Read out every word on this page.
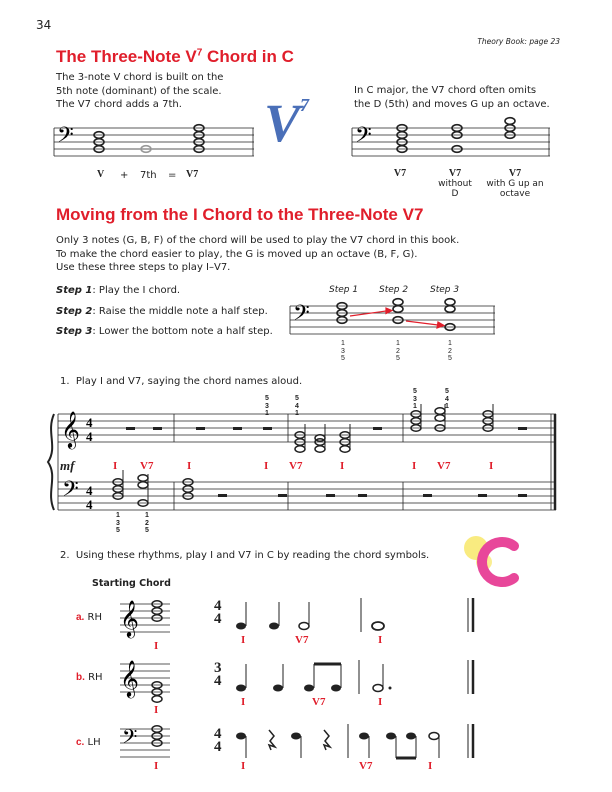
34
Theory Book: page 23
The Three-Note $V^7$ Chord in C
The 3-note V chord is built on the
5th note (dominant) of the scale.
The V7 chord adds a 7th.
In C major, the V7 chord often omits
the D (5th) and moves G up an octave.
$V^7$
𝄢
V + 7th = V7
𝄢
V7	V7
without D
V7
with G up an octave
Moving from the I Chord to the Three-Note V7
Only 3 notes (G, B, F) of the chord will be used to play the V7 chord in this book.
To make the chord easier to play, the G is moved up an octave (B, F, G).
Use these three steps to play I–V7.
Step 1: Play the I chord.
Step 2: Raise the middle note a half step.
Step 3: Lower the bottom note a half step.
Step 1 Step 2 Step 3
𝄢
1
3
5
1
2
5
1
2
5
1. Play I and V7, saying the chord names aloud.
𝄞
𝄢
4
4
4
4
5
3
1
5
4
1
5
3
1
5
4
1
mf	I V7	I	I V7	I	I V7	I
1
3
5
1
2
5
2. Using these rhythms, play I and V7 in C by reading the chord symbols.
Starting Chord
a. RH 𝄞
I
4
4
I	V7	I
b. RH 𝄞
I
3
4
I	V7	I
c. LH 𝄢
I
4
4
I	V7	I
